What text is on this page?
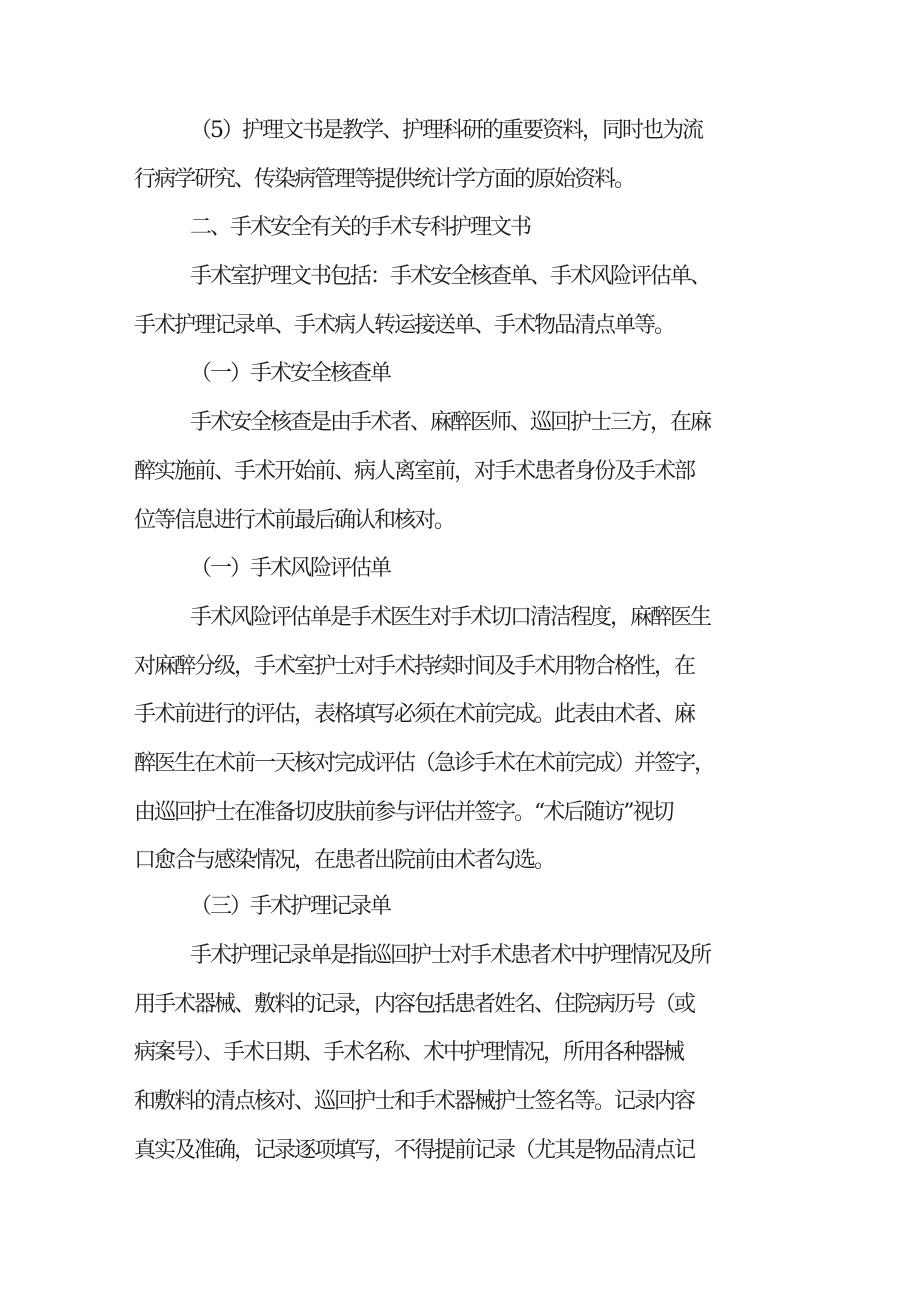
（5）护理文书是教学、护理科研的重要资料，同时也为流

行病学研究、传染病管理等提供统计学方面的原始资料。

二、手术安全有关的手术专科护理文书

手术室护理文书包括：手术安全核查单、手术风险评估单、

手术护理记录单、手术病人转运接送单、手术物品清点单等。

（一）手术安全核查单

手术安全核查是由手术者、麻醉医师、巡回护士三方，在麻

醉实施前、手术开始前、病人离室前，对手术患者身份及手术部

位等信息进行术前最后确认和核对。

（一）手术风险评估单

手术风险评估单是手术医生对手术切口清洁程度，麻醉医生

对麻醉分级，手术室护士对手术持续时间及手术用物合格性，在

手术前进行的评估，表格填写必须在术前完成。此表由术者、麻

醉医生在术前一天核对完成评估（急诊手术在术前完成）并签字，

由巡回护士在准备切皮肤前参与评估并签字。“术后随访”视切

口愈合与感染情况，在患者出院前由术者勾选。

（三）手术护理记录单

手术护理记录单是指巡回护士对手术患者术中护理情况及所

用手术器械、敷料的记录，内容包括患者姓名、住院病历号（或

病案号）、手术日期、手术名称、术中护理情况，所用各种器械

和敷料的清点核对、巡回护士和手术器械护士签名等。记录内容

真实及准确，记录逐项填写，不得提前记录（尤其是物品清点记
